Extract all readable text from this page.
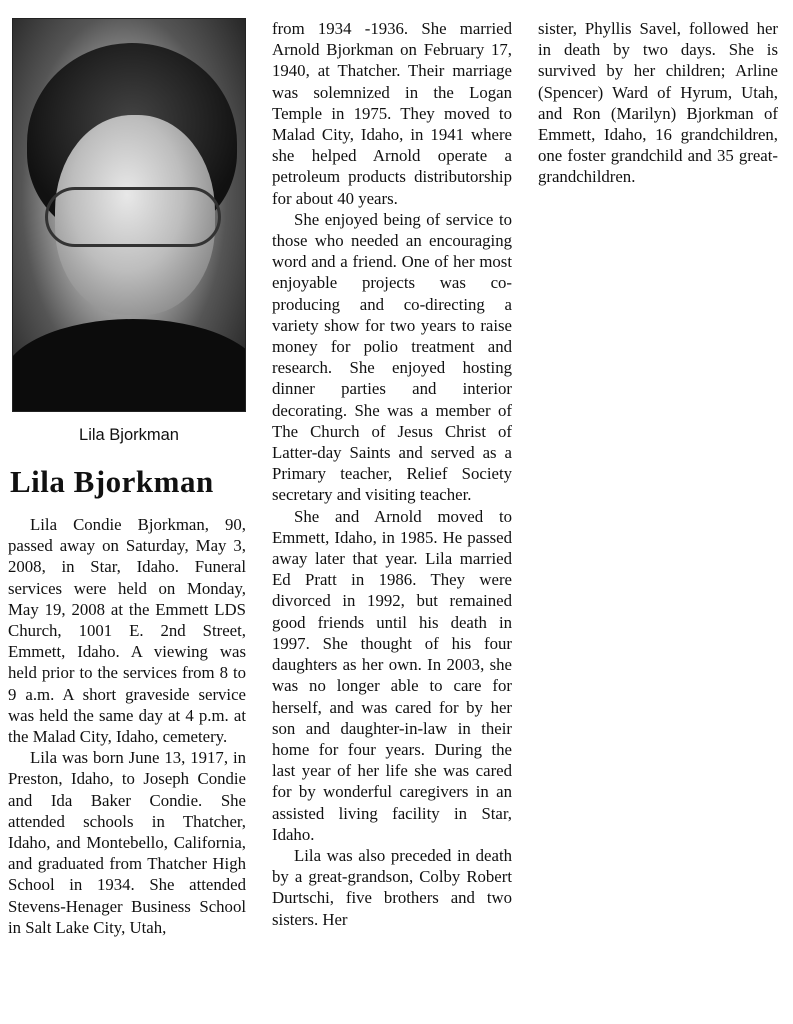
Lila Bjorkman
Lila Bjorkman

Lila Condie Bjorkman, 90, passed away on Saturday, May 3, 2008, in Star, Idaho. Funeral services were held on Monday, May 19, 2008 at the Emmett LDS Church, 1001 E. 2nd Street, Emmett, Idaho. A viewing was held prior to the services from 8 to 9 a.m. A short graveside service was held the same day at 4 p.m. at the Malad City, Idaho, cemetery.

Lila was born June 13, 1917, in Preston, Idaho, to Joseph Condie and Ida Baker Condie. She attended schools in Thatcher, Idaho, and Montebello, California, and graduated from Thatcher High School in 1934. She attended Stevens-Henager Business School in Salt Lake City, Utah,

from 1934 -1936. She married Arnold Bjorkman on February 17, 1940, at Thatcher. Their marriage was solemnized in the Logan Temple in 1975. They moved to Malad City, Idaho, in 1941 where she helped Arnold operate a petroleum products distributorship for about 40 years.

She enjoyed being of service to those who needed an encouraging word and a friend. One of her most enjoyable projects was co-producing and co-directing a variety show for two years to raise money for polio treatment and research. She enjoyed hosting dinner parties and interior decorating. She was a member of The Church of Jesus Christ of Latter-day Saints and served as a Primary teacher, Relief Society secretary and visiting teacher.

She and Arnold moved to Emmett, Idaho, in 1985. He passed away later that year. Lila married Ed Pratt in 1986. They were divorced in 1992, but remained good friends until his death in 1997. She thought of his four daughters as her own. In 2003, she was no longer able to care for herself, and was cared for by her son and daughter-in-law in their home for four years. During the last year of her life she was cared for by wonderful caregivers in an assisted living facility in Star, Idaho.

Lila was also preceded in death by a great-grandson, Colby Robert Durtschi, five brothers and two sisters. Her

sister, Phyllis Savel, followed her in death by two days. She is survived by her children; Arline (Spencer) Ward of Hyrum, Utah, and Ron (Marilyn) Bjorkman of Emmett, Idaho, 16 grandchildren, one foster grandchild and 35 great-grandchildren.
